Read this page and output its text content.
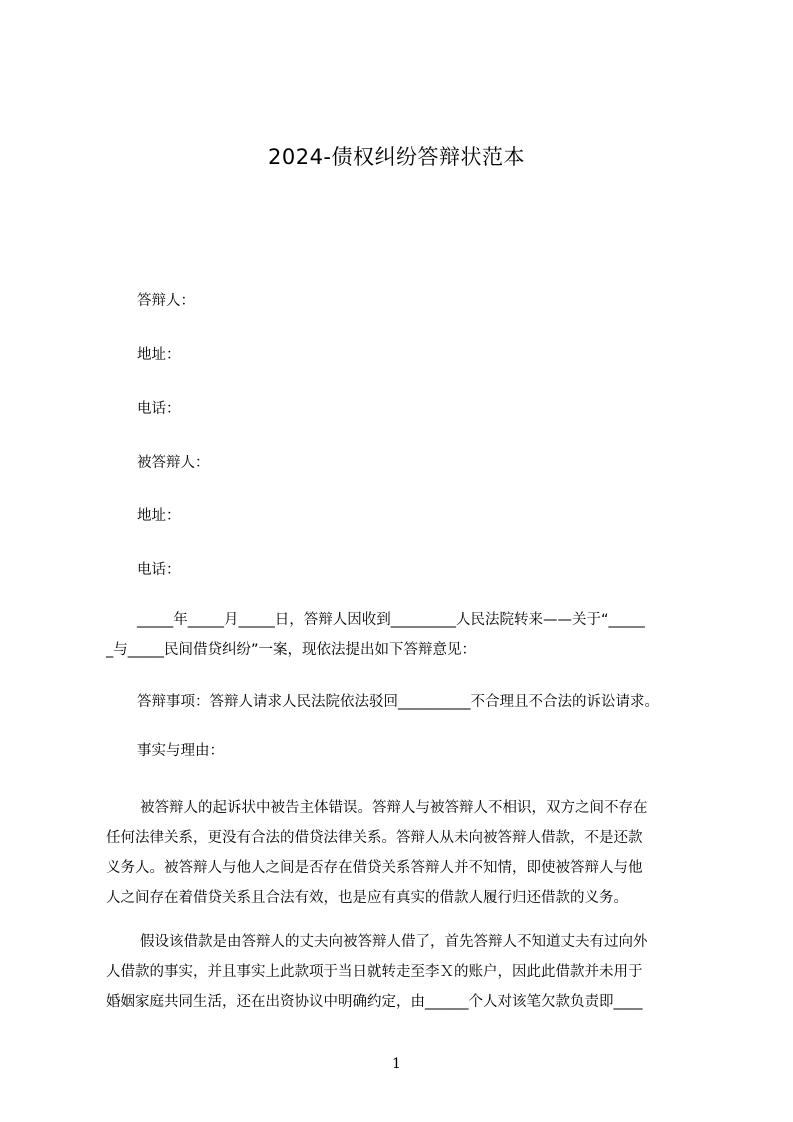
2024-债权纠纷答辩状范本
答辩人：
地址：
电话：
被答辩人：
地址：
电话：
_____年_____月_____日，答辩人因收到_________人民法院转来——关于“_____
_与_____民间借贷纠纷”一案，现依法提出如下答辩意见：
答辩事项：答辩人请求人民法院依法驳回__________不合理且不合法的诉讼请求。
事实与理由：
被答辩人的起诉状中被告主体错误。答辩人与被答辩人不相识，双方之间不存在
任何法律关系，更没有合法的借贷法律关系。答辩人从未向被答辩人借款，不是还款
义务人。被答辩人与他人之间是否存在借贷关系答辩人并不知情，即使被答辩人与他
人之间存在着借贷关系且合法有效，也是应有真实的借款人履行归还借款的义务。
假设该借款是由答辩人的丈夫向被答辩人借了，首先答辩人不知道丈夫有过向外
人借款的事实，并且事实上此款项于当日就转走至李Ｘ的账户，因此此借款并未用于
婚姻家庭共同生活，还在出资协议中明确约定，由______个人对该笔欠款负责即____
1
